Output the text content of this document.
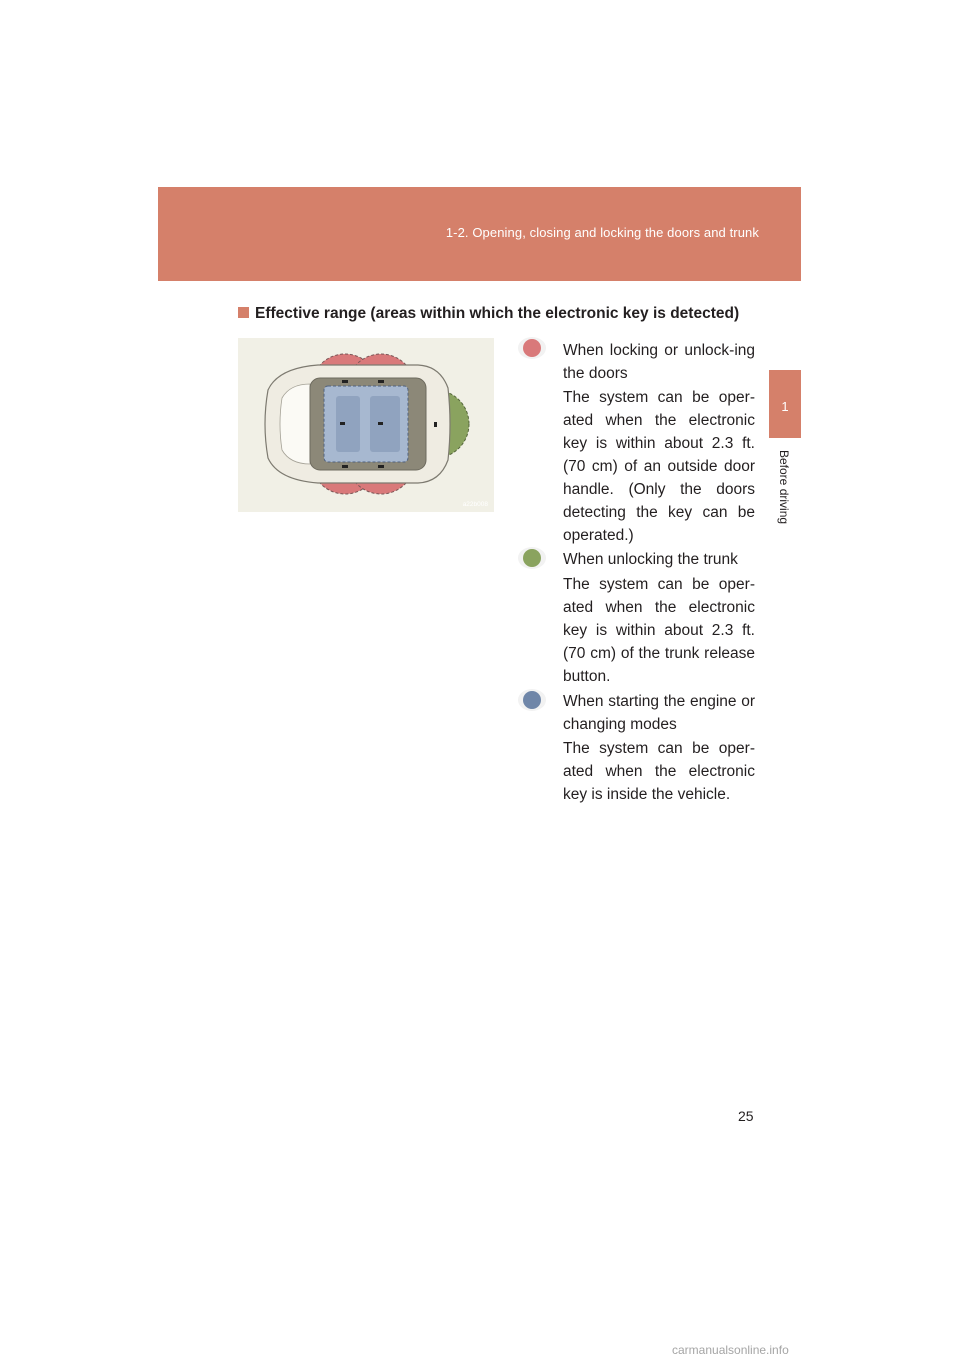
1-2. Opening, closing and locking the doors and trunk
1
Before driving
Effective range (areas within which the electronic key is detected)
a22b008
When locking or unlock-ing the doors
The system can be oper-ated when the electronic key is within about 2.3 ft. (70 cm) of an outside door handle. (Only the doors detecting the key can be operated.)
When unlocking the trunk
The system can be oper-ated when the electronic key is within about 2.3 ft. (70 cm) of the trunk release button.
When starting the engine or changing modes
The system can be oper-ated when the electronic key is inside the vehicle.
25
carmanualsonline.info
